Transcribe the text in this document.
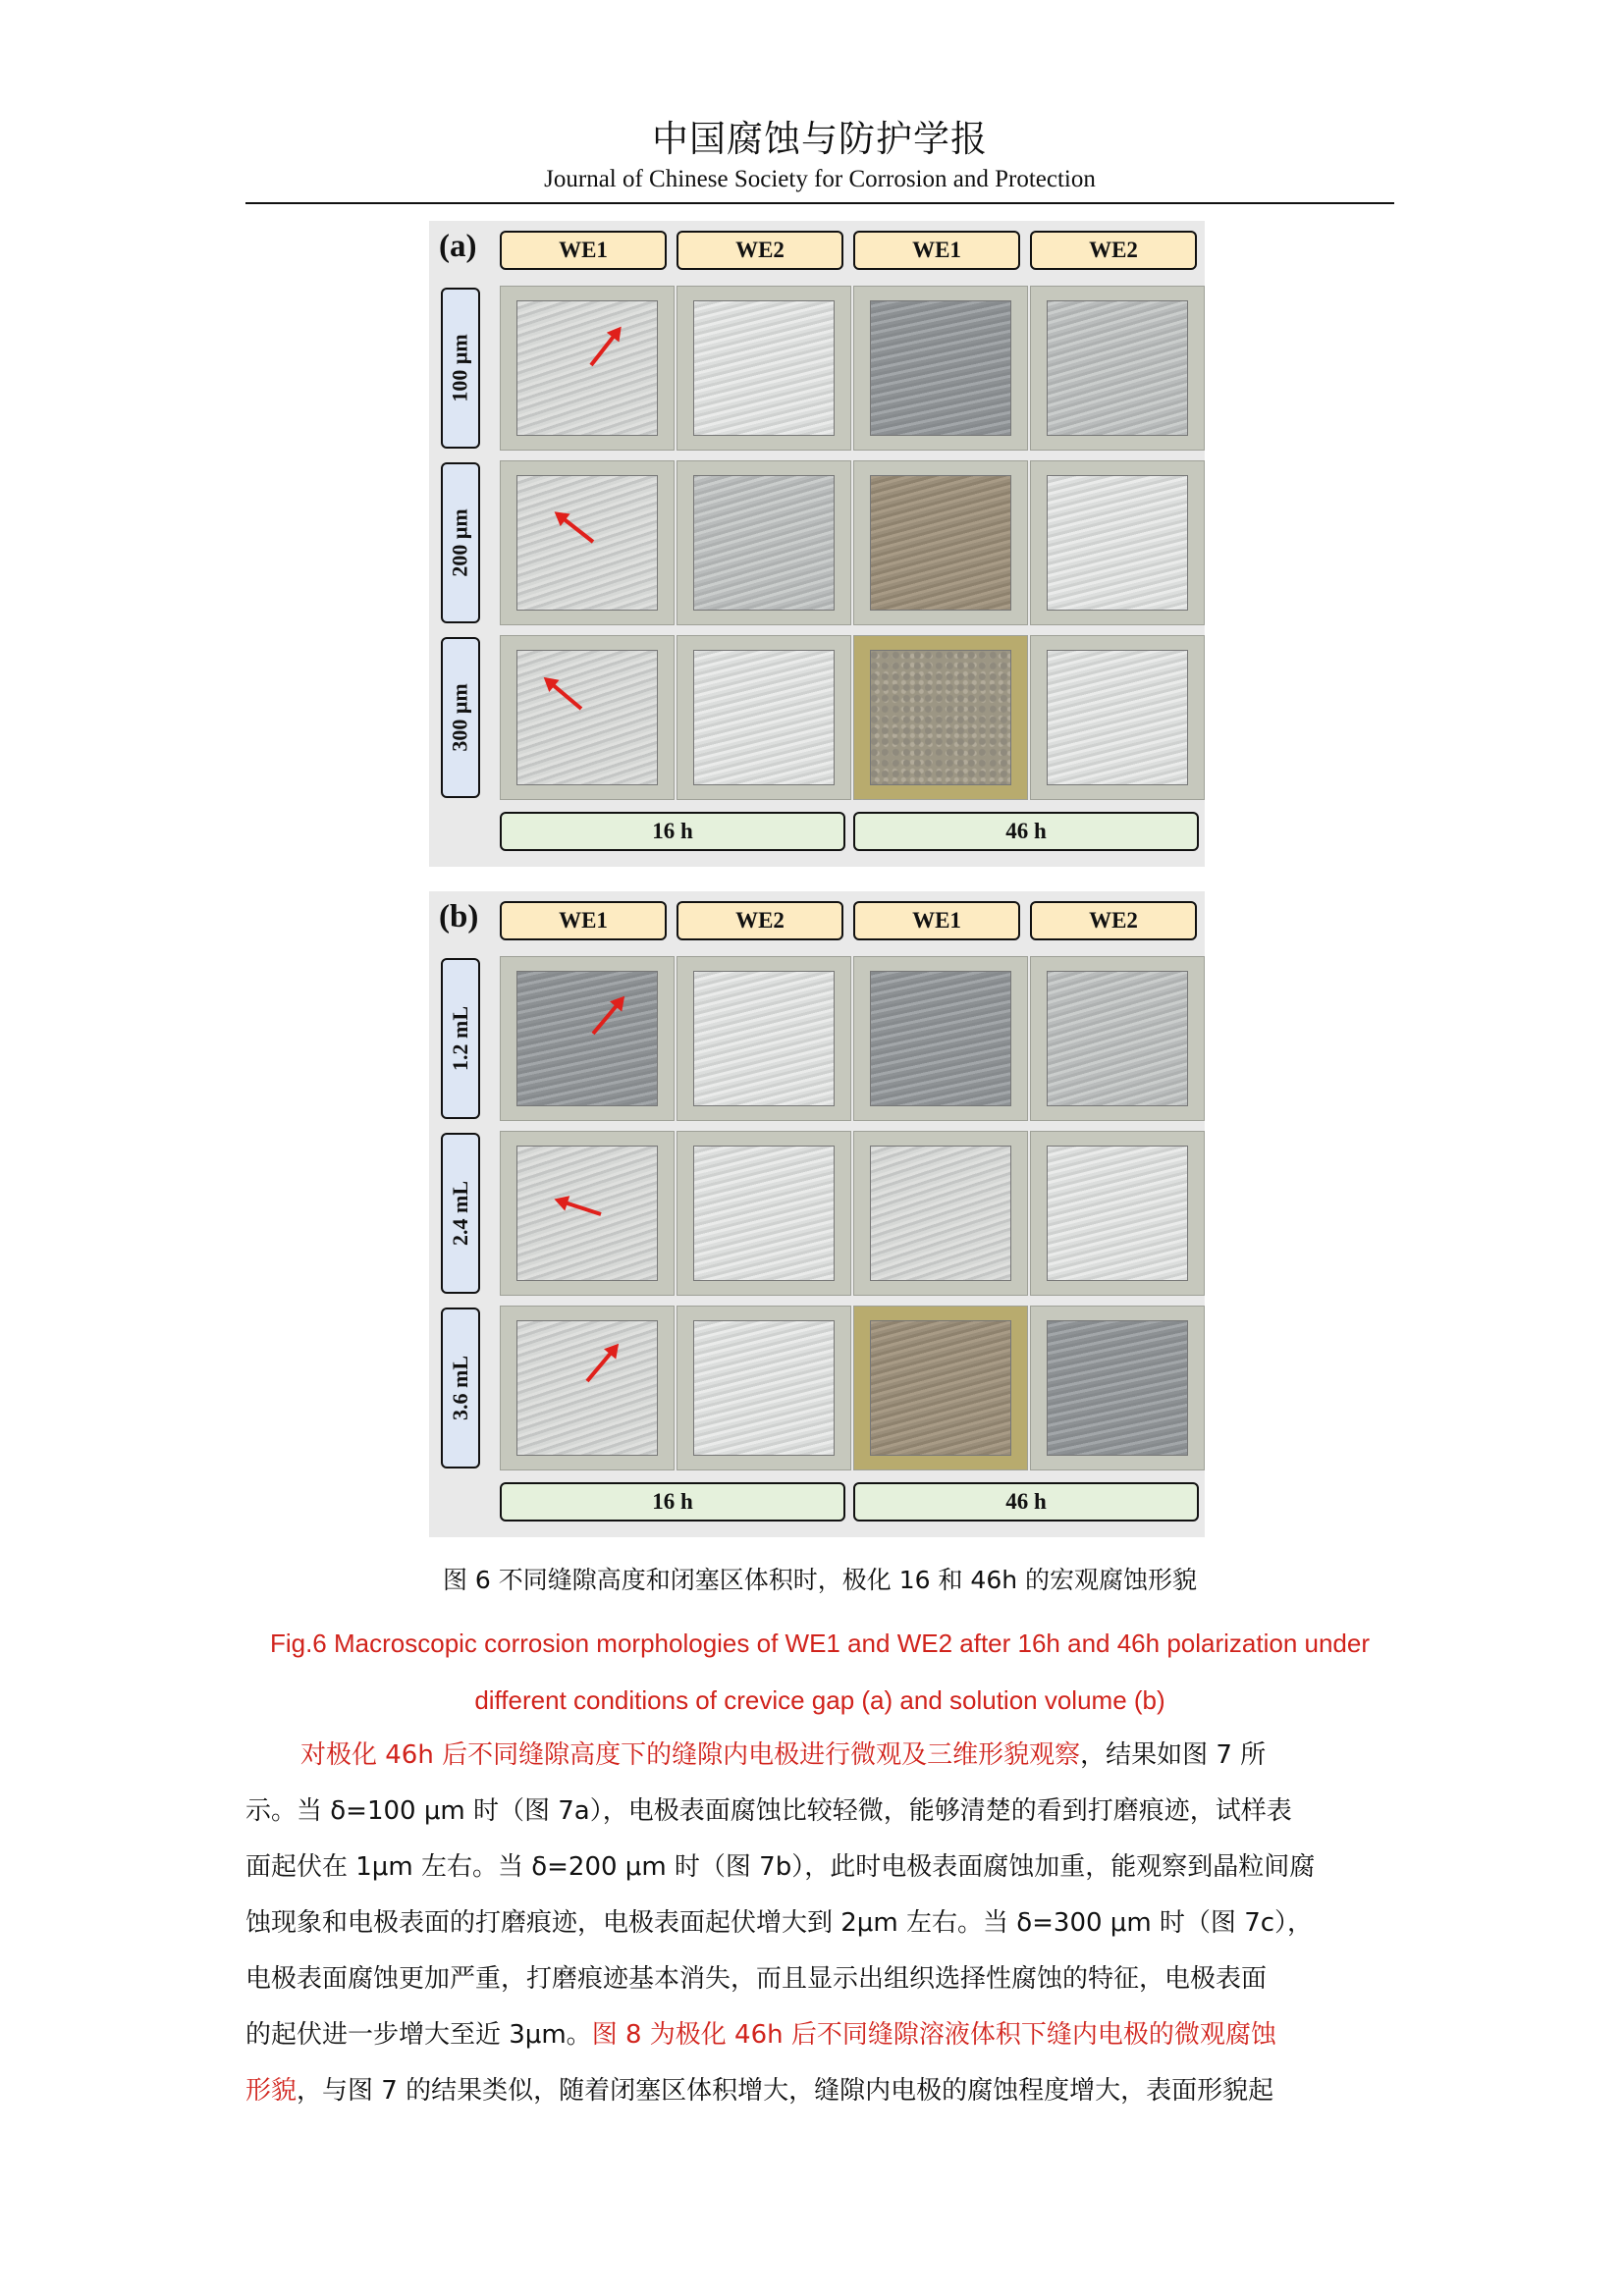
中国腐蚀与防护学报
Journal of Chinese Society for Corrosion and Protection
(a)	WE1	WE2	WE1	WE2
100 μm
200 μm
300 μm
16 h	46 h
(b)	WE1	WE2	WE1	WE2
1.2 mL
2.4 mL
3.6 mL
16 h	46 h
图 6 不同缝隙高度和闭塞区体积时，极化 16 和 46h 的宏观腐蚀形貌
Fig.6 Macroscopic corrosion morphologies of WE1 and WE2 after 16h and 46h polarization under
different conditions of crevice gap (a) and solution volume (b)
对极化 46h 后不同缝隙高度下的缝隙内电极进行微观及三维形貌观察，结果如图 7 所
示。当 δ=100 μm 时（图 7a），电极表面腐蚀比较轻微，能够清楚的看到打磨痕迹，试样表
面起伏在 1μm 左右。当 δ=200 μm 时（图 7b），此时电极表面腐蚀加重，能观察到晶粒间腐
蚀现象和电极表面的打磨痕迹，电极表面起伏增大到 2μm 左右。当 δ=300 μm 时（图 7c），
电极表面腐蚀更加严重，打磨痕迹基本消失，而且显示出组织选择性腐蚀的特征，电极表面
的起伏进一步增大至近 3μm。图 8 为极化 46h 后不同缝隙溶液体积下缝内电极的微观腐蚀
形貌，与图 7 的结果类似，随着闭塞区体积增大，缝隙内电极的腐蚀程度增大，表面形貌起
